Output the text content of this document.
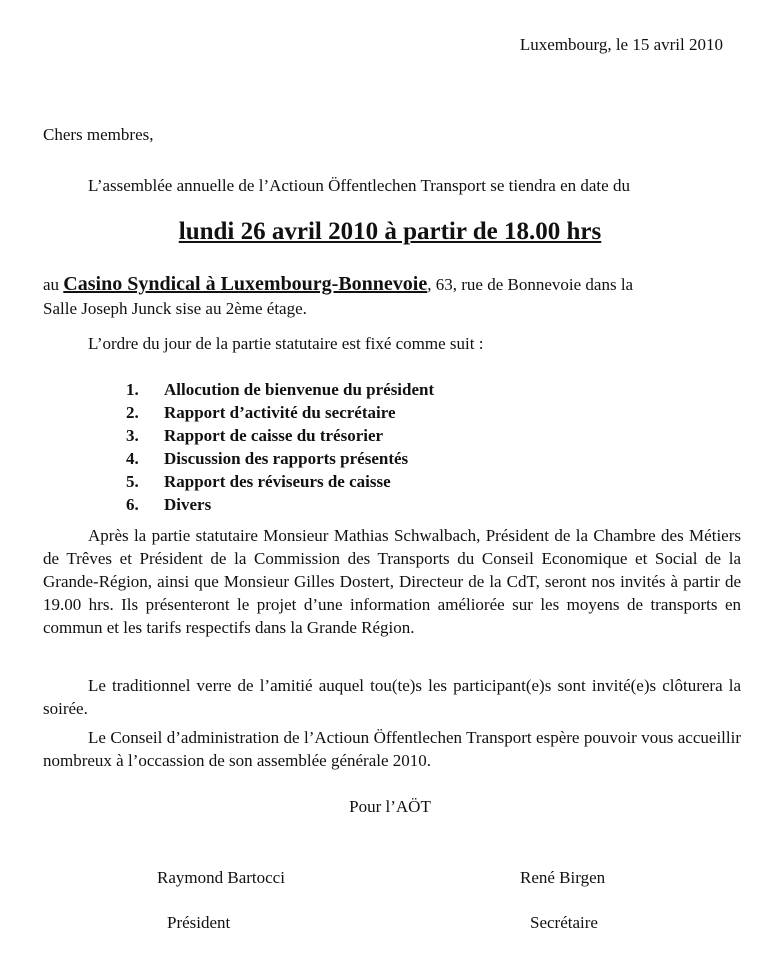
Luxembourg, le 15 avril 2010
Chers membres,
L’assemblée annuelle de l’Actioun Öffentlechen Transport se tiendra en date du
lundi 26 avril 2010 à partir de 18.00 hrs
au Casino Syndical à Luxembourg-Bonnevoie, 63, rue de Bonnevoie dans la
Salle Joseph Junck sise au 2ème étage.
L’ordre du jour de la partie statutaire est fixé comme suit :
1.	Allocution de bienvenue du président
2.	Rapport d’activité du secrétaire
3.	Rapport de caisse du trésorier
4.	Discussion des rapports présentés
5.	Rapport des réviseurs de caisse
6.	Divers

Après la partie statutaire Monsieur Mathias Schwalbach, Président de la Chambre des Métiers de Trêves et Président de la Commission des Transports du Conseil Economique et Social de la Grande-Région, ainsi que Monsieur Gilles Dostert, Directeur de la CdT, seront nos invités à partir de 19.00 hrs. Ils présenteront le projet d’une information améliorée sur les moyens de transports en commun et les tarifs respectifs dans la Grande Région.

Le traditionnel verre de l’amitié auquel tou(te)s les participant(e)s sont invité(e)s clôturera la soirée.

Le Conseil d’administration de l’Actioun Öffentlechen Transport espère pouvoir vous accueillir nombreux à l’occassion de son assemblée générale 2010.

Pour l’AÖT
Raymond Bartocci	René Birgen
Président	Secrétaire
